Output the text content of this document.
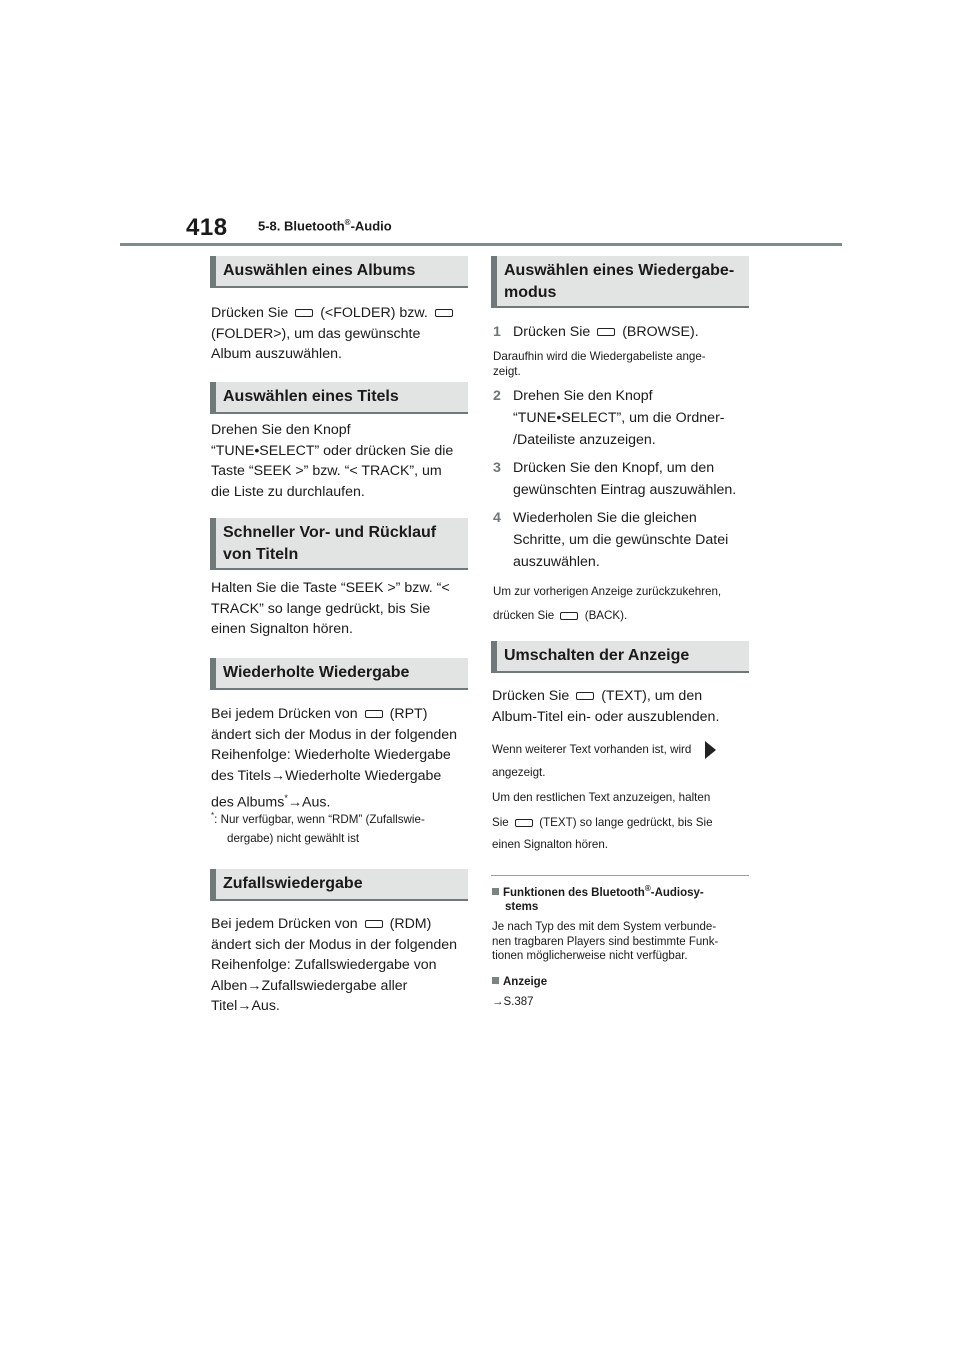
418 5-8. Bluetooth®-Audio
Auswählen eines Albums
Drücken Sie (<FOLDER) bzw.
(FOLDER>), um das gewünschte
Album auszuwählen.
Auswählen eines Titels
Drehen Sie den Knopf
“TUNE•SELECT” oder drücken Sie die
Taste “SEEK >” bzw. “< TRACK”, um
die Liste zu durchlaufen.
Schneller Vor- und Rücklauf
von Titeln
Halten Sie die Taste “SEEK >” bzw. “<
TRACK” so lange gedrückt, bis Sie
einen Signalton hören.
Wiederholte Wiedergabe
Bei jedem Drücken von (RPT)
ändert sich der Modus in der folgenden
Reihenfolge: Wiederholte Wiedergabe
des Titels→Wiederholte Wiedergabe
des Albums*→Aus.
*: Nur verfügbar, wenn “RDM” (Zufallswie-
dergabe) nicht gewählt ist
Zufallswiedergabe
Bei jedem Drücken von (RDM)
ändert sich der Modus in der folgenden
Reihenfolge: Zufallswiedergabe von
Alben→Zufallswiedergabe aller
Titel→Aus.
Auswählen eines Wiedergabe-
modus
1 Drücken Sie (BROWSE).
Daraufhin wird die Wiedergabeliste ange-
zeigt.
2 Drehen Sie den Knopf
“TUNE•SELECT”, um die Ordner-
/Dateiliste anzuzeigen.
3 Drücken Sie den Knopf, um den
gewünschten Eintrag auszuwählen.
4 Wiederholen Sie die gleichen
Schritte, um die gewünschte Datei
auszuwählen.
Um zur vorherigen Anzeige zurückzukehren,
drücken Sie	(BACK).
Umschalten der Anzeige
Drücken Sie (TEXT), um den
Album-Titel ein- oder auszublenden.
Wenn weiterer Text vorhanden ist, wird
angezeigt.
Um den restlichen Text anzuzeigen, halten
Sie	(TEXT) so lange gedrückt, bis Sie
einen Signalton hören.
Funktionen des Bluetooth®-Audiosy-
stems
Je nach Typ des mit dem System verbunde-
nen tragbaren Players sind bestimmte Funk-
tionen möglicherweise nicht verfügbar.
Anzeige
→S.387
